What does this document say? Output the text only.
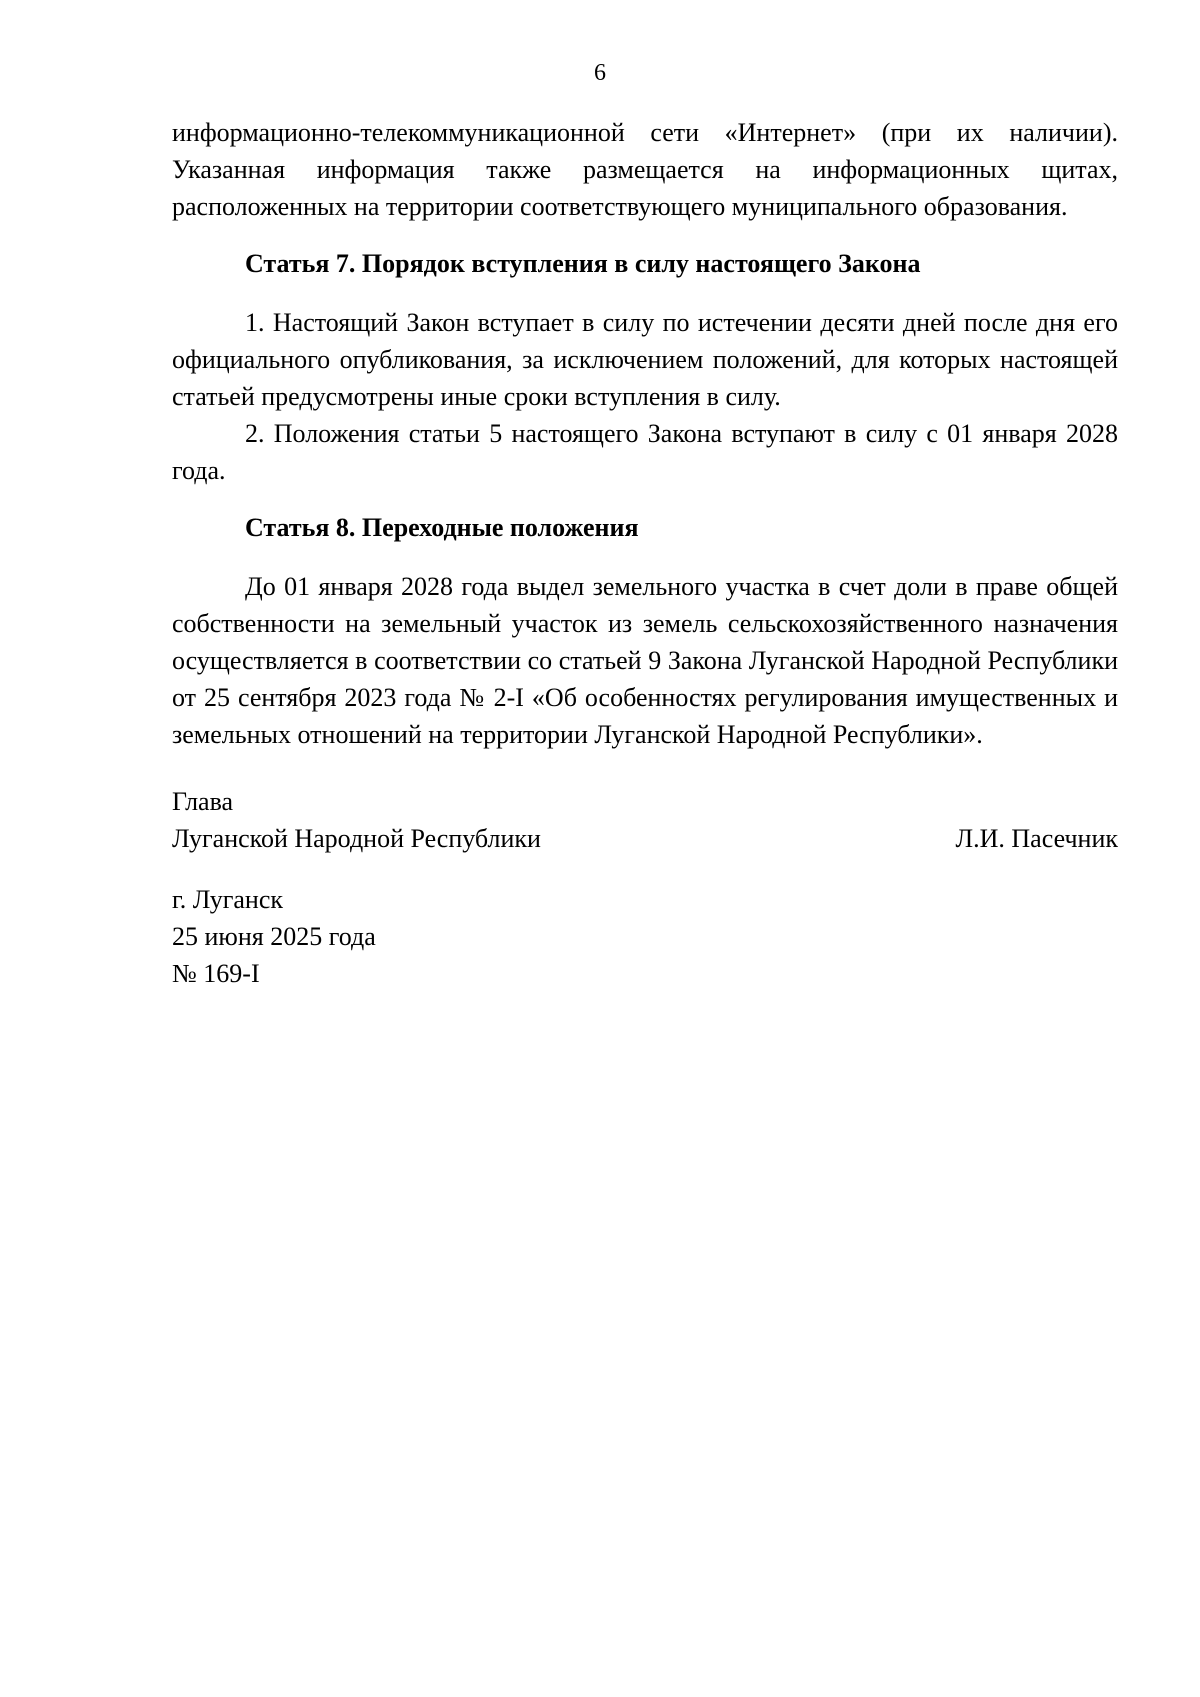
6

информационно-телекоммуникационной сети «Интернет» (при их наличии). Указанная информация также размещается на информационных щитах, расположенных на территории соответствующего муниципального образования.

Статья 7. Порядок вступления в силу настоящего Закона

1. Настоящий Закон вступает в силу по истечении десяти дней после дня его официального опубликования, за исключением положений, для которых настоящей статьей предусмотрены иные сроки вступления в силу.

2. Положения статьи 5 настоящего Закона вступают в силу с 01 января 2028 года.

Статья 8. Переходные положения

До 01 января 2028 года выдел земельного участка в счет доли в праве общей собственности на земельный участок из земель сельскохозяйственного назначения осуществляется в соответствии со статьей 9 Закона Луганской Народной Республики от 25 сентября 2023 года № 2-I «Об особенностях регулирования имущественных и земельных отношений на территории Луганской Народной Республики».

Глава
Луганской Народной Республики	Л.И. Пасечник
г. Луганск
25 июня 2025 года
№ 169-I
